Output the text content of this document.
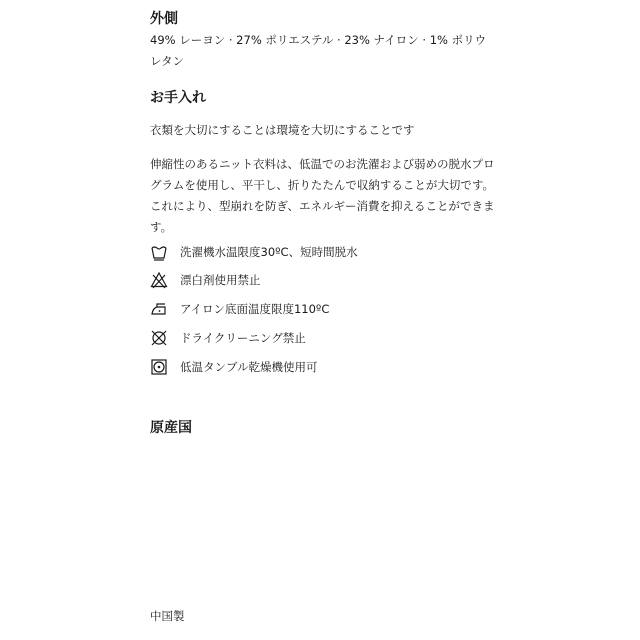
外側

49% レーヨン · 27% ポリエステル · 23% ナイロン · 1% ポリウレタン

お手入れ

衣類を大切にすることは環境を大切にすることです

伸縮性のあるニット衣料は、低温でのお洗濯および弱めの脱水プログラムを使用し、平干し、折りたたんで収納することが大切です。これにより、型崩れを防ぎ、エネルギー消費を抑えることができます。

洗濯機水温限度30ºC、短時間脱水
漂白剤使用禁止
アイロン底面温度限度110ºC
ドライクリーニング禁止
低温タンブル乾燥機使用可
原産国
中国製
